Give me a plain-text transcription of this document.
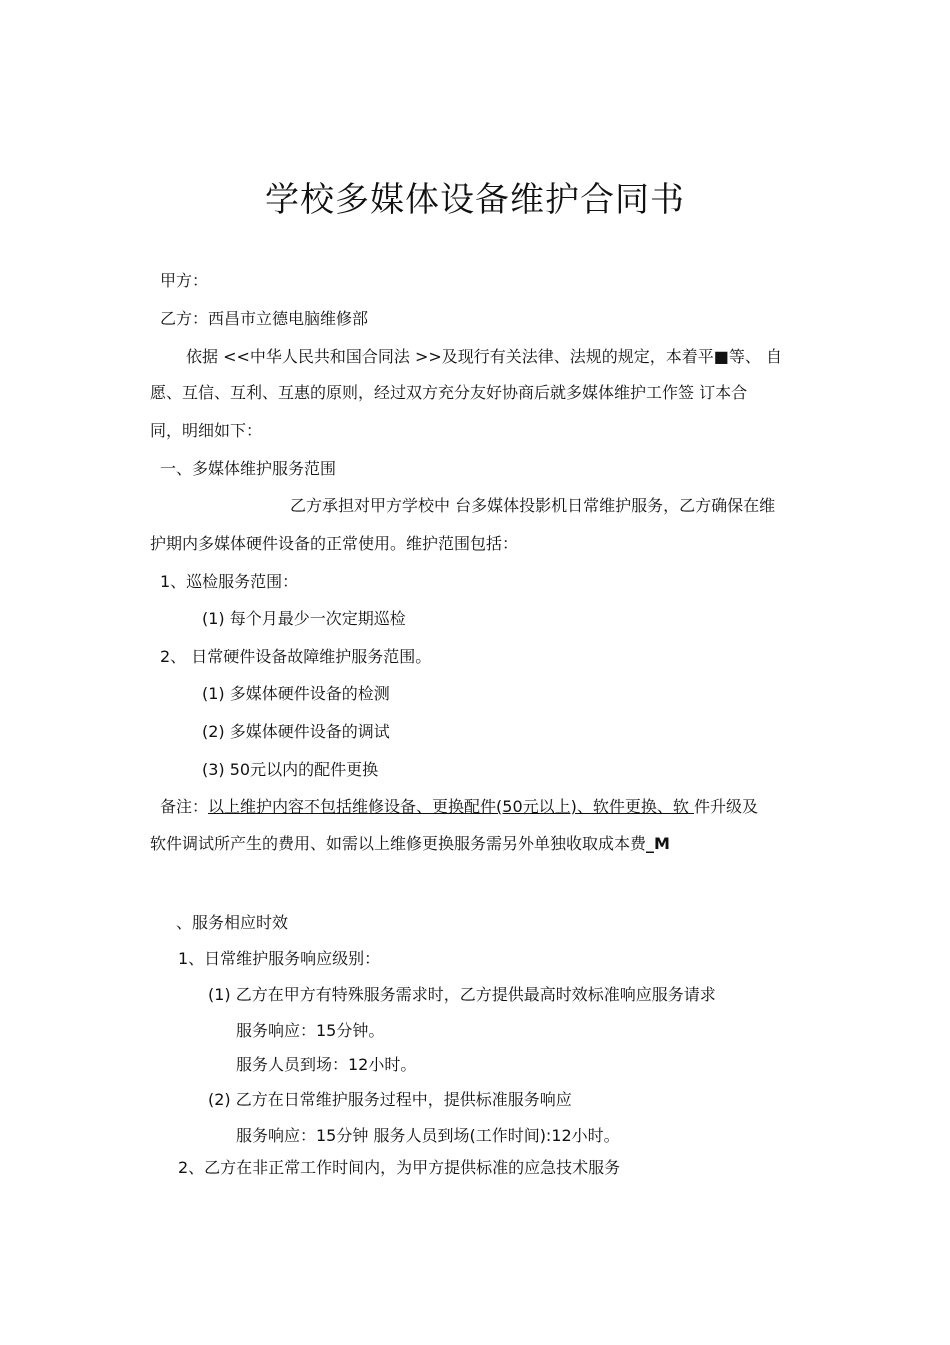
学校多媒体设备维护合同书
甲方：
乙方：西昌市立德电脑维修部
依据 <<中华人民共和国合同法 >>及现行有关法律、法规的规定，本着平■等、 自
愿、互信、互利、互惠的原则，经过双方充分友好协商后就多媒体维护工作签 订本合
同，明细如下：
一、多媒体维护服务范围
乙方承担对甲方学校中 台多媒体投影机日常维护服务，乙方确保在维
护期内多媒体硬件设备的正常使用。维护范围包括：
1、巡检服务范围：
(1) 每个月最少一次定期巡检
2、 日常硬件设备故障维护服务范围。
(1) 多媒体硬件设备的检测
(2) 多媒体硬件设备的调试
(3) 50元以内的配件更换
备注：以上维护内容不包括维修设备、更换配件(50元以上)、软件更换、软 件升级及
软件调试所产生的费用、如需以上维修更换服务需另外单独收取成本费_M
、服务相应时效
1、日常维护服务响应级别：
(1) 乙方在甲方有特殊服务需求时，乙方提供最高时效标准响应服务请求
服务响应：15分钟。
服务人员到场：12小时。
(2) 乙方在日常维护服务过程中，提供标准服务响应
服务响应：15分钟 服务人员到场(工作时间):12小时。
2、乙方在非正常工作时间内，为甲方提供标准的应急技术服务
